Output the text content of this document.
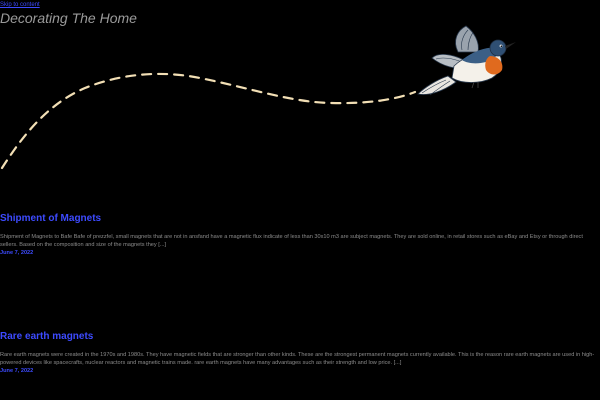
Skip to content
Decorating The Home
Shipment of Magnets

Shipment of Magnets to Bafe Bafe of prezzfel, small magnets that are not in ansfand have a magnetic flux indicate of less than 30x10 m3 are subject magnets. They are sold online, in retail stores such as eBay and Etsy or through direct sellers. Based on the composition and size of the magnets they [...]

June 7, 2022

Rare earth magnets

Rare earth magnets were created in the 1970s and 1980s. They have magnetic fields that are stronger than other kinds. These are the strongest permanent magnets currently available. This is the reason rare earth magnets are used in high-powered devices like spacecrafts, nuclear reactors and magnetic trains made. rare earth magnets have many advantages such as their strength and low price. [...]

June 7, 2022
